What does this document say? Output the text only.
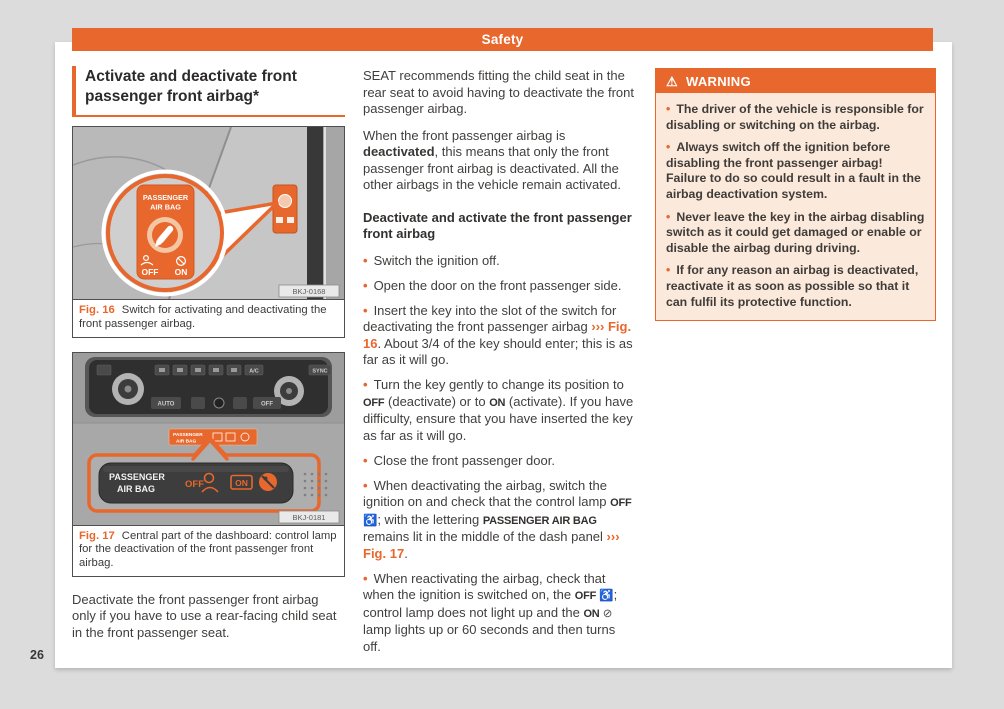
Safety
Activate and deactivate front passenger front airbag*
PASSENGER
AIR BAG
OFF ON
BKJ-0168
Fig. 16 Switch for activating and deactivating the front passenger airbag.
A/C	SYNC
AUTO	OFF
PASSENGER
AIR BAG
PASSENGER
AIR BAG	OFF	ON
BKJ-0181
Fig. 17 Central part of the dashboard: control lamp for the deactivation of the front passenger front airbag.

Deactivate the front passenger front airbag only if you have to use a rear-facing child seat in the front passenger seat.

SEAT recommends fitting the child seat in the rear seat to avoid having to deactivate the front passenger airbag.

When the front passenger airbag is deactivated, this means that only the front passenger front airbag is deactivated. All the other airbags in the vehicle remain activated.

Deactivate and activate the front passenger front airbag
• Switch the ignition off.
• Open the door on the front passenger side.
• Insert the key into the slot of the switch for deactivating the front passenger airbag ››› Fig. 16. About 3/4 of the key should enter; this is as far as it will go.
• Turn the key gently to change its position to OFF (deactivate) or to ON (activate). If you have difficulty, ensure that you have inserted the key as far as it will go.
• Close the front passenger door.
• When deactivating the airbag, switch the ignition on and check that the control lamp OFF ♿; with the lettering PASSENGER AIR BAG remains lit in the middle of the dash panel ››› Fig. 17.
• When reactivating the airbag, check that when the ignition is switched on, the OFF ♿; control lamp does not light up and the ON ⊘ lamp lights up or 60 seconds and then turns off.
⚠ WARNING
• The driver of the vehicle is responsible for disabling or switching on the airbag.
• Always switch off the ignition before disabling the front passenger airbag! Failure to do so could result in a fault in the airbag deactivation system.
• Never leave the key in the airbag disabling switch as it could get damaged or enable or disable the airbag during driving.
• If for any reason an airbag is deactivated, reactivate it as soon as possible so that it can fulfil its protective function.
26
